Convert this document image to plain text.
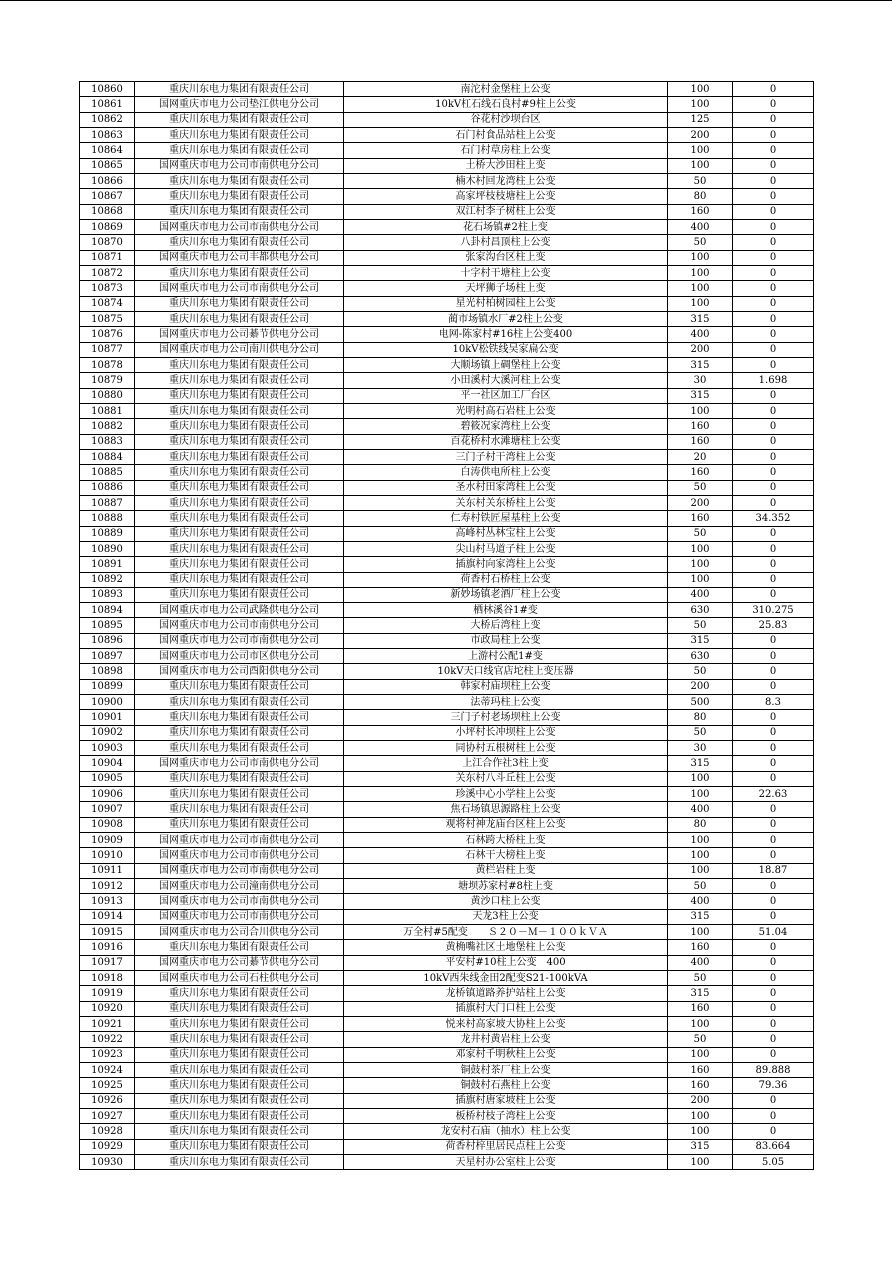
10860	重庆川东电力集团有限责任公司	南沱村金堡柱上公变	100	0
10861	国网重庆市电力公司垫江供电分公司	10kV杠石线石良村#9柱上公变	100	0
10862	重庆川东电力集团有限责任公司	谷花村沙坝台区	125	0
10863	重庆川东电力集团有限责任公司	石门村食品站柱上公变	200	0
10864	重庆川东电力集团有限责任公司	石门村草房柱上公变	100	0
10865	国网重庆市电力公司市南供电分公司	土桥大沙田柱上变	100	0
10866	重庆川东电力集团有限责任公司	楠木村回龙湾柱上公变	50	0
10867	重庆川东电力集团有限责任公司	高家坪枝枝塘柱上公变	80	0
10868	重庆川东电力集团有限责任公司	双江村李子树柱上公变	160	0
10869	国网重庆市电力公司市南供电分公司	花石场镇#2柱上变	400	0
10870	重庆川东电力集团有限责任公司	八卦村昌顶柱上公变	50	0
10871	国网重庆市电力公司丰都供电分公司	张家沟台区柱上变	100	0
10872	重庆川东电力集团有限责任公司	十字村干塘柱上公变	100	0
10873	国网重庆市电力公司市南供电分公司	天坪狮子场柱上变	100	0
10874	重庆川东电力集团有限责任公司	星光村柏树园柱上公变	100	0
10875	重庆川东电力集团有限责任公司	蔺市场镇水厂#2柱上公变	315	0
10876	国网重庆市电力公司綦节供电分公司	电网-陈家村#16柱上公变400	400	0
10877	国网重庆市电力公司南川供电分公司	10kV松铁线吴家扁公变	200	0
10878	重庆川东电力集团有限责任公司	大顺场镇上碉堡柱上公变	315	0
10879	重庆川东电力集团有限责任公司	小田溪村大溪河柱上公变	30	1.698
10880	重庆川东电力集团有限责任公司	平一社区加工厂台区	315	0
10881	重庆川东电力集团有限责任公司	光明村高石岩柱上公变	100	0
10882	重庆川东电力集团有限责任公司	碧筱况家湾柱上公变	160	0
10883	重庆川东电力集团有限责任公司	百花桥村水滩塘柱上公变	160	0
10884	重庆川东电力集团有限责任公司	三门子村干湾柱上公变	20	0
10885	重庆川东电力集团有限责任公司	白涛供电所柱上公变	160	0
10886	重庆川东电力集团有限责任公司	圣水村田家湾柱上公变	50	0
10887	重庆川东电力集团有限责任公司	关东村关东桥柱上公变	200	0
10888	重庆川东电力集团有限责任公司	仁寿村铁匠屋基柱上公变	160	34.352
10889	重庆川东电力集团有限责任公司	高峰村丛林宝柱上公变	50	0
10890	重庆川东电力集团有限责任公司	尖山村马道子柱上公变	100	0
10891	重庆川东电力集团有限责任公司	插旗村向家湾柱上公变	100	0
10892	重庆川东电力集团有限责任公司	荷香村石桥柱上公变	100	0
10893	重庆川东电力集团有限责任公司	新妙场镇老酒厂柱上公变	400	0
10894	国网重庆市电力公司武隆供电分公司	栖林溪谷1#变	630	310.275
10895	国网重庆市电力公司市南供电分公司	大桥后湾柱上变	50	25.83
10896	国网重庆市电力公司市南供电分公司	市政局柱上公变	315	0
10897	国网重庆市电力公司市区供电分公司	上游村公配1#变	630	0
10898	国网重庆市电力公司酉阳供电分公司	10kV天口线官店坨柱上变压器	50	0
10899	重庆川东电力集团有限责任公司	韩家村庙坝柱上公变	200	0
10900	重庆川东电力集团有限责任公司	法蒂玛柱上公变	500	8.3
10901	重庆川东电力集团有限责任公司	三门子村老场坝柱上公变	80	0
10902	重庆川东电力集团有限责任公司	小坪村长冲坝柱上公变	50	0
10903	重庆川东电力集团有限责任公司	同协村五根树柱上公变	30	0
10904	国网重庆市电力公司市南供电分公司	上江合作社3柱上变	315	0
10905	重庆川东电力集团有限责任公司	关东村八斗丘柱上公变	100	0
10906	重庆川东电力集团有限责任公司	珍溪中心小学柱上公变	100	22.63
10907	重庆川东电力集团有限责任公司	焦石场镇思源路柱上公变	400	0
10908	重庆川东电力集团有限责任公司	观将村神龙庙台区柱上公变	80	0
10909	国网重庆市电力公司市南供电分公司	石林跨大桥柱上变	100	0
10910	国网重庆市电力公司市南供电分公司	石林干大榜柱上变	100	0
10911	国网重庆市电力公司市南供电分公司	黄栏岩柱上变	100	18.87
10912	国网重庆市电力公司潼南供电分公司	塘坝苏家村#8柱上变	50	0
10913	国网重庆市电力公司市南供电分公司	黄沙口柱上公变	400	0
10914	国网重庆市电力公司市南供电分公司	天龙3柱上公变	315	0
10915	国网重庆市电力公司合川供电分公司	万全村#5配变　　Ｓ２０－Ｍ－１００ｋＶＡ	100	51.04
10916	重庆川东电力集团有限责任公司	黄桷嘴社区土地堡柱上公变	160	0
10917	国网重庆市电力公司綦节供电分公司	平安村#10柱上公变　400	400	0
10918	国网重庆市电力公司石柱供电分公司	10kV西朱线金田2配变S21-100kVA	50	0
10919	重庆川东电力集团有限责任公司	龙桥镇道路养护站柱上公变	315	0
10920	重庆川东电力集团有限责任公司	插旗村大门口柱上公变	160	0
10921	重庆川东电力集团有限责任公司	悦来村高家坡大协柱上公变	100	0
10922	重庆川东电力集团有限责任公司	龙井村黄岩柱上公变	50	0
10923	重庆川东电力集团有限责任公司	邓家村千明秋柱上公变	100	0
10924	重庆川东电力集团有限责任公司	铜鼓村茶厂柱上公变	160	89.888
10925	重庆川东电力集团有限责任公司	铜鼓村石燕柱上公变	160	79.36
10926	重庆川东电力集团有限责任公司	插旗村唐家坡柱上公变	200	0
10927	重庆川东电力集团有限责任公司	板桥村枝子湾柱上公变	100	0
10928	重庆川东电力集团有限责任公司	龙安村石庙（抽水）柱上公变	100	0
10929	重庆川东电力集团有限责任公司	荷香村梓里居民点柱上公变	315	83.664
10930	重庆川东电力集团有限责任公司	天星村办公室柱上公变	100	5.05
